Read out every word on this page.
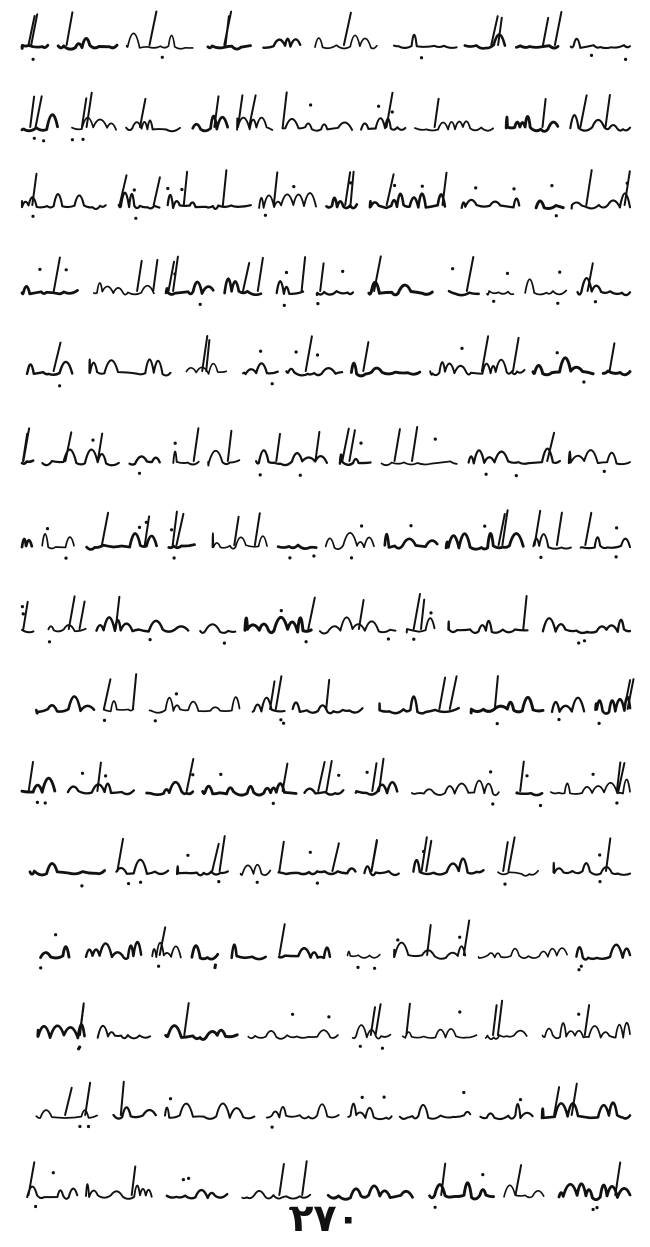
٢٧٠
